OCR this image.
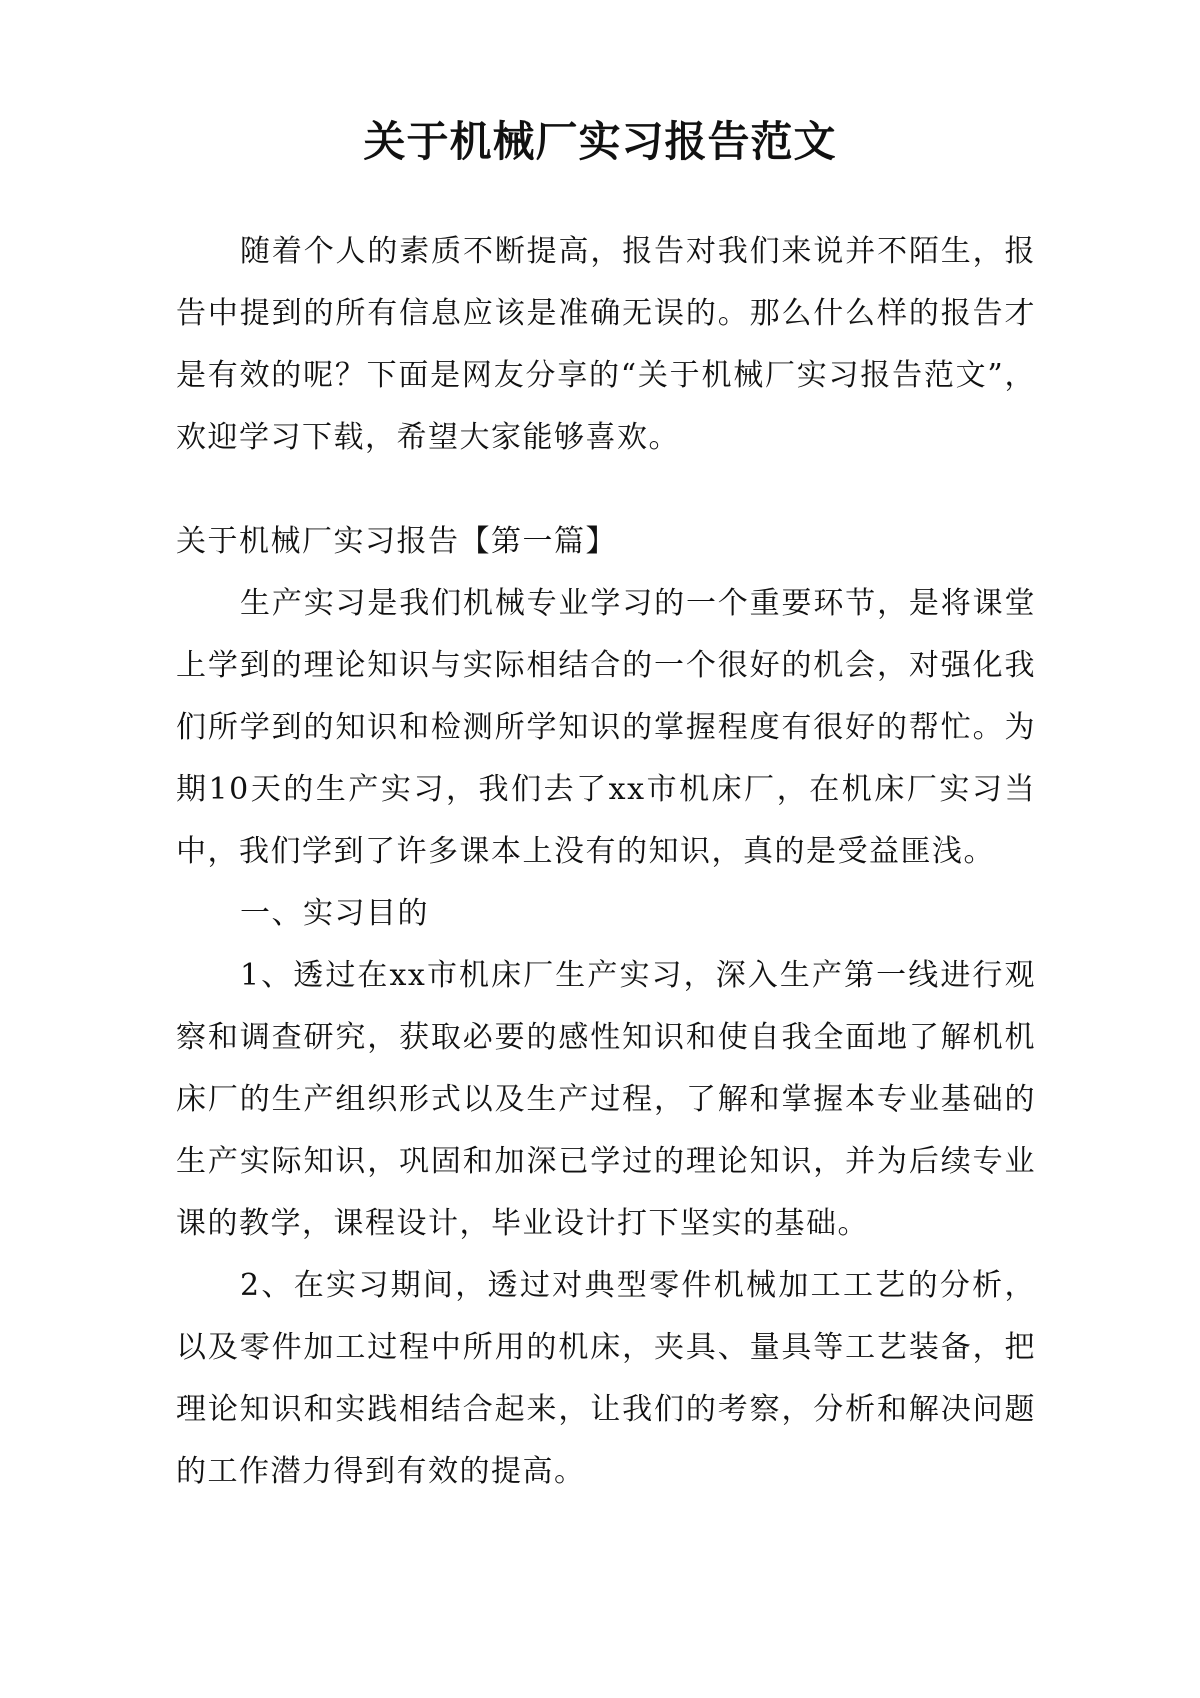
关于机械厂实习报告范文

随着个人的素质不断提高，报告对我们来说并不陌生，报告中提到的所有信息应该是准确无误的。那么什么样的报告才是有效的呢？下面是网友分享的“关于机械厂实习报告范文”，欢迎学习下载，希望大家能够喜欢。

关于机械厂实习报告【第一篇】

生产实习是我们机械专业学习的一个重要环节，是将课堂上学到的理论知识与实际相结合的一个很好的机会，对强化我们所学到的知识和检测所学知识的掌握程度有很好的帮忙。为期10天的生产实习，我们去了xx市机床厂，在机床厂实习当中，我们学到了许多课本上没有的知识，真的是受益匪浅。

一、实习目的

1、透过在xx市机床厂生产实习，深入生产第一线进行观察和调查研究，获取必要的感性知识和使自我全面地了解机机床厂的生产组织形式以及生产过程，了解和掌握本专业基础的生产实际知识，巩固和加深已学过的理论知识，并为后续专业课的教学，课程设计，毕业设计打下坚实的基础。

2、在实习期间，透过对典型零件机械加工工艺的分析，以及零件加工过程中所用的机床，夹具、量具等工艺装备，把理论知识和实践相结合起来，让我们的考察，分析和解决问题的工作潜力得到有效的提高。
